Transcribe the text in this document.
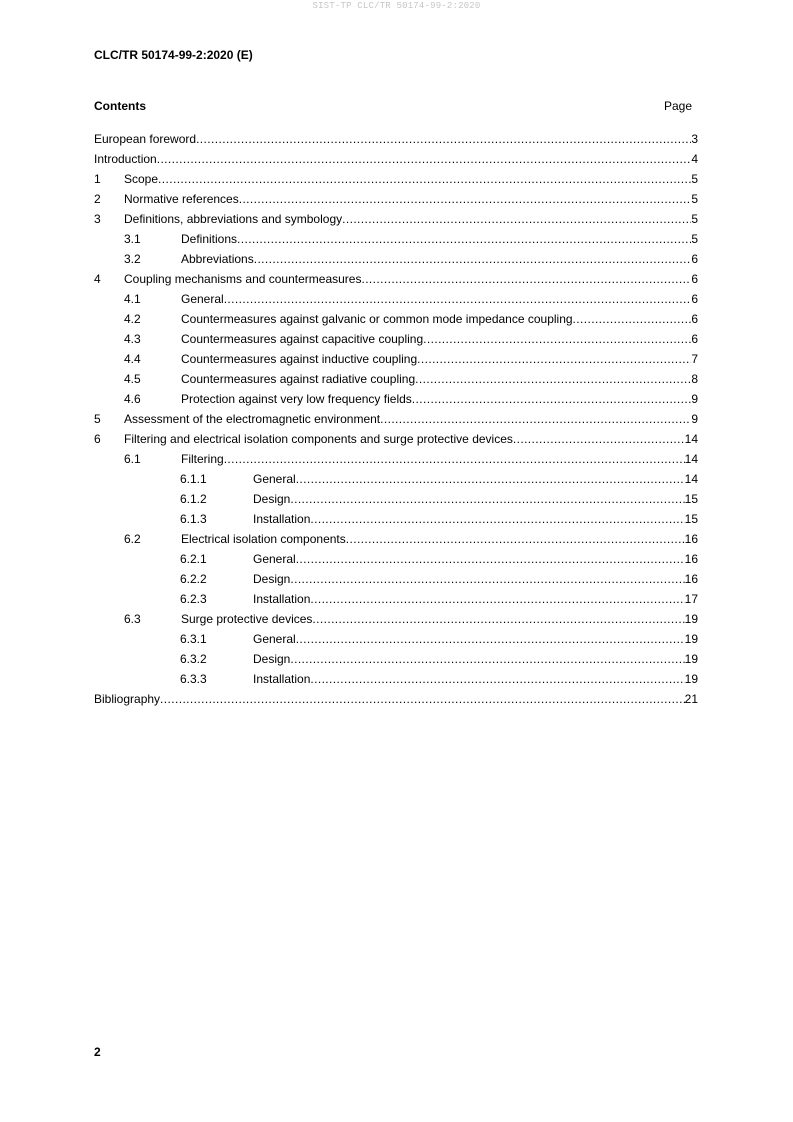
SIST-TP CLC/TR 50174-99-2:2020
CLC/TR 50174-99-2:2020 (E)
Contents	Page
European foreword .....	3
Introduction .....	4
1 Scope .....	5
2 Normative references .....	5
3 Definitions, abbreviations and symbology .....	5
3.1	Definitions .....	5
3.2	Abbreviations .....	6
4 Coupling mechanisms and countermeasures .....	6
4.1	General .....	6
4.2	Countermeasures against galvanic or common mode impedance coupling .....	6
4.3	Countermeasures against capacitive coupling .....	6
4.4	Countermeasures against inductive coupling .....	7
4.5	Countermeasures against radiative coupling .....	8
4.6	Protection against very low frequency fields .....	9
5 Assessment of the electromagnetic environment .....	9
6 Filtering and electrical isolation components and surge protective devices .....	14
6.1	Filtering .....	14
6.1.1	General .....	14
6.1.2	Design .....	15
6.1.3	Installation .....	15
6.2	Electrical isolation components .....	16
6.2.1	General .....	16
6.2.2	Design .....	16
6.2.3	Installation .....	17
6.3	Surge protective devices .....	19
6.3.1	General .....	19
6.3.2	Design .....	19
6.3.3	Installation .....	19
Bibliography .....	21
2
